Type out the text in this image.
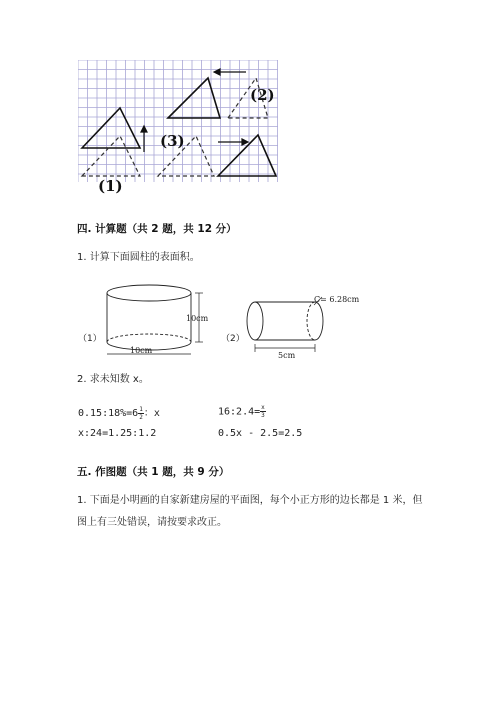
(1)
(2)
(3)
四. 计算题（共 2 题，共 12 分）
1. 计算下面圆柱的表面积。
（1）
10cm
10cm
（2）
C= 6.28cm
5cm
2. 求未知数 x。
0.15:18%=6 $\frac{1}{2}$ ：x	16:2.4= $\frac{x}{3}$
x:24=1.25:1.2	0.5x - 2.5=2.5
五. 作图题（共 1 题，共 9 分）
1. 下面是小明画的自家新建房屋的平面图，每个小正方形的边长都是 1 米，但
图上有三处错误，请按要求改正。
